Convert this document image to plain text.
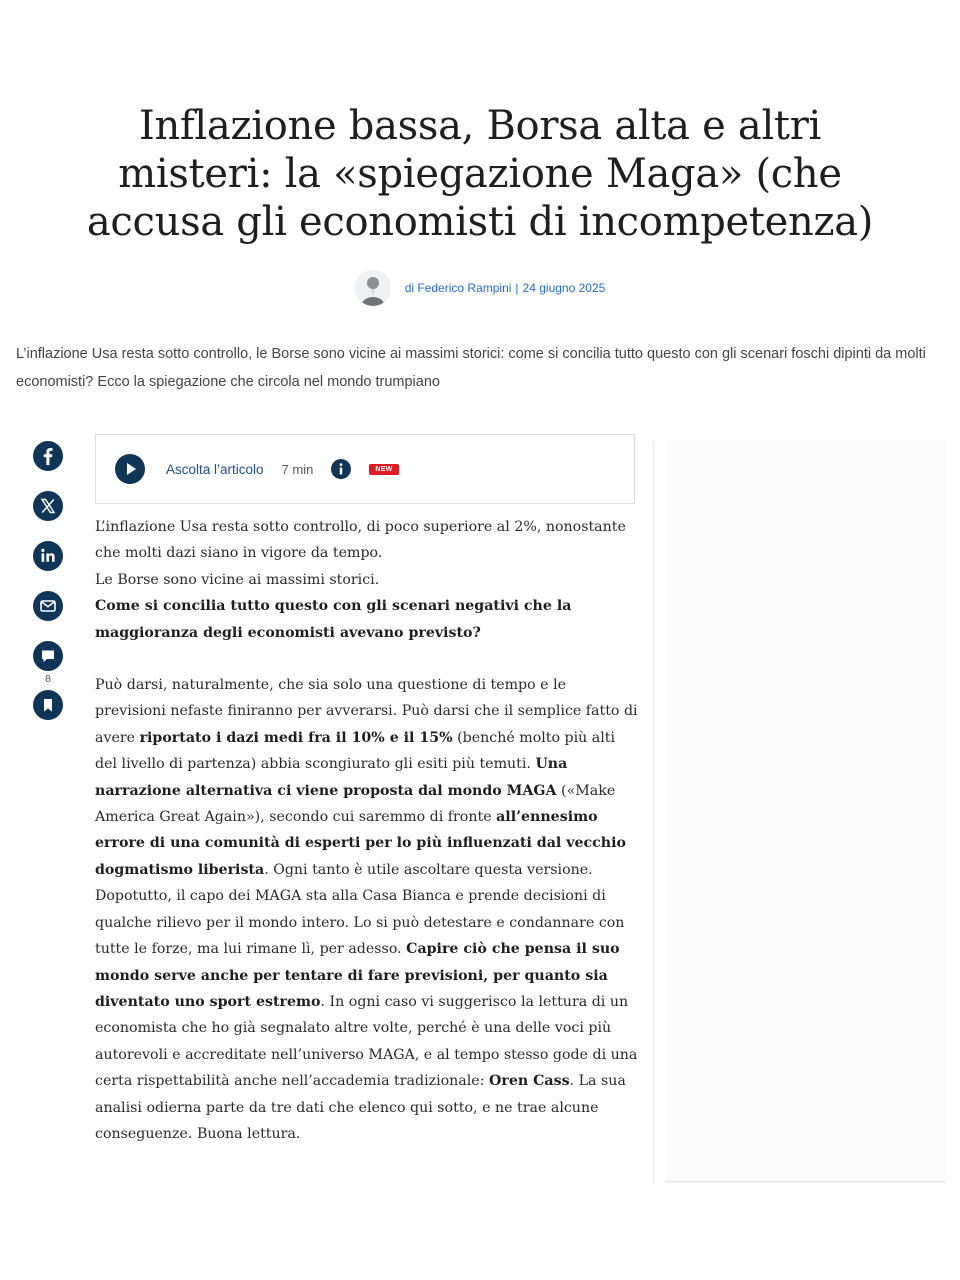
Inflazione bassa, Borsa alta e altri misteri: la «spiegazione Maga» (che accusa gli economisti di incompetenza)
di
Federico Rampini | 24 giugno 2025

L’inflazione Usa resta sotto controllo, le Borse sono vicine ai massimi storici: come si concilia tutto questo con gli scenari foschi dipinti da molti economisti? Ecco la spiegazione che circola nel mondo trumpiano

8
Ascolta l’articolo 7 min	NEW

L’inflazione Usa resta sotto controllo, di poco superiore al 2%, nonostante che molti dazi siano in vigore da tempo.
Le Borse sono vicine ai massimi storici.
Come si concilia tutto questo con gli scenari negativi che la maggioranza degli economisti avevano previsto?

Può darsi, naturalmente, che sia solo una questione di tempo e le previsioni nefaste finiranno per avverarsi. Può darsi che il semplice fatto di avere riportato i dazi medi fra il 10% e il 15% (benché molto più alti del livello di partenza) abbia scongiurato gli esiti più temuti. Una narrazione alternativa ci viene proposta dal mondo MAGA («Make America Great Again»), secondo cui saremmo di fronte all’ennesimo errore di una comunità di esperti per lo più influenzati dal vecchio dogmatismo liberista. Ogni tanto è utile ascoltare questa versione. Dopotutto, il capo dei MAGA sta alla Casa Bianca e prende decisioni di qualche rilievo per il mondo intero. Lo si può detestare e condannare con tutte le forze, ma lui rimane lì, per adesso. Capire ciò che pensa il suo mondo serve anche per tentare di fare previsioni, per quanto sia diventato uno sport estremo. In ogni caso vi suggerisco la lettura di un economista che ho già segnalato altre volte, perché è una delle voci più autorevoli e accreditate nell’universo MAGA, e al tempo stesso gode di una certa rispettabilità anche nell’accademia tradizionale: Oren Cass. La sua analisi odierna parte da tre dati che elenco qui sotto, e ne trae alcune conseguenze. Buona lettura.
